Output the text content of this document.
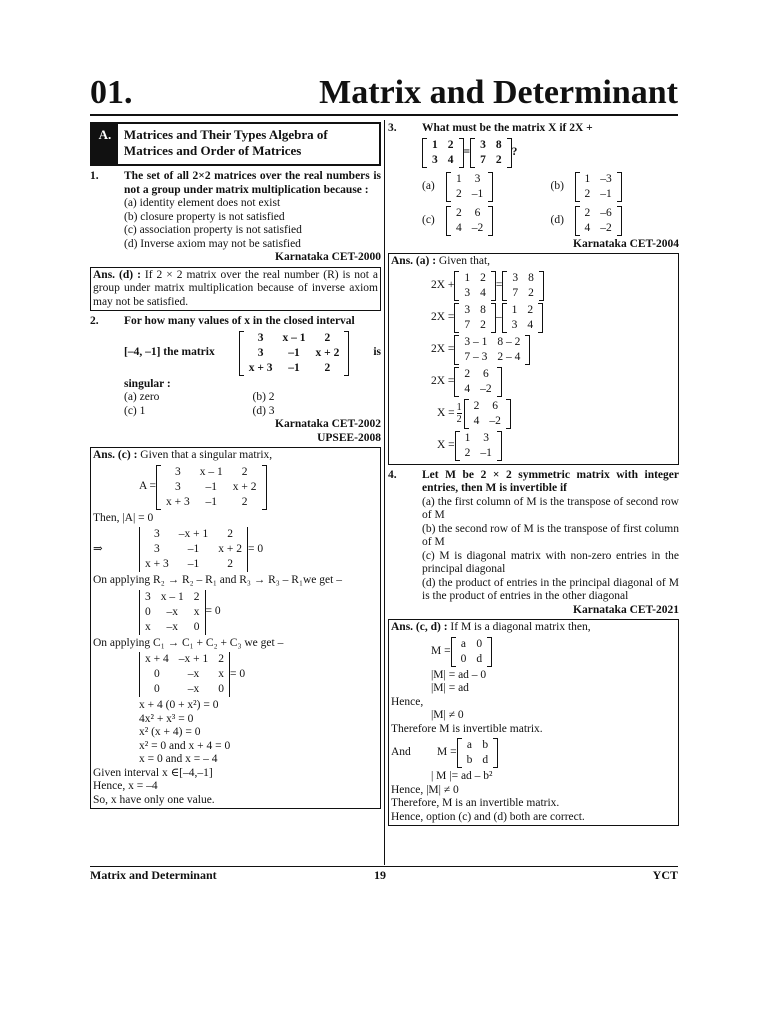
01.	Matrix and Determinant
A. Matrices and Their Types Algebra of Matrices and Order of Matrices
1.	The set of all 2×2 matrices over the real numbers is not a group under matrix multiplication because :
(a) identity element does not exist
(b) closure property is not satisfied
(c) association property is not satisfied
(d) Inverse axiom may not be satisfied
Karnataka CET-2000
Ans. (d) : If 2 × 2 matrix over the real number (R) is not a group under matrix multiplication because of inverse axiom may not be satisfied.
2.	For how many values of x in the closed interval
[–4, –1] the matrix
3	x – 1	2
3	–1	x + 2
x + 3	–1	2
is
singular :
(a) zero	(b) 2
(c) 1	(d) 3
Karnataka CET-2002
UPSEE-2008
Ans. (c) : Given that a singular matrix,
A =
3	x – 1	2
3	–1	x + 2
x + 3	–1	2
Then, |A| = 0
⇒
3	–x + 1	2
3	–1	x + 2
x + 3	–1	2
= 0
On applying R₂ → R₂ – R₁ and R₃ → R₃ – R₁we get –
3	x – 1	2
0	–x	x
x	–x	0
= 0
On applying C₁ → C₁ + C₂ + C₃ we get –
x + 4	–x + 1	2
0	–x	x
0	–x	0
= 0
x + 4 (0 + x²) = 0
4x² + x³ = 0
x² (x + 4) = 0
x² = 0 and x + 4 = 0
x = 0 and x = – 4
Given interval x ∈[–4,–1]
Hence, x = –4
So, x have only one value.
3.	What must be the matrix X if 2X +
1	2
3	4
=
3	8
7	2
?
(a)
1	3
2	–1
(b)
1	–3
2	–1
(c)
2	6
4	–2
(d)
2	–6
4	–2
Karnataka CET-2004
Ans. (a) : Given that,
2X +
1	2
3	4
=
3	8
7	2
2X =
3	8
7	2
–
1	2
3	4
2X =
3 – 1	8 – 2
7 – 3	2 – 4
2X =
2	6
4	–2
$X = \frac{1}{2} 2$	6
4	–2
X =
1	3
2	–1
4.	Let M be 2 × 2 symmetric matrix with integer entries, then M is invertible if
(a) the first column of M is the transpose of second row of M
(b) the second row of M is the transpose of first column of M
(c) M is diagonal matrix with non-zero entries in the principal diagonal
(d) the product of entries in the principal diagonal of M is the product of entries in the other diagonal
Karnataka CET-2021
Ans. (c, d) : If M is a diagonal matrix then,
M =
a	0
0	d
|M| = ad – 0
|M| = ad
Hence,
|M| ≠ 0
Therefore M is invertible matrix.
And	M =
a	b
b	d
| M |= ad – b²
Hence, |M| ≠ 0
Therefore, M is an invertible matrix.
Hence, option (c) and (d) both are correct.
Matrix and Determinant	19	YCT
